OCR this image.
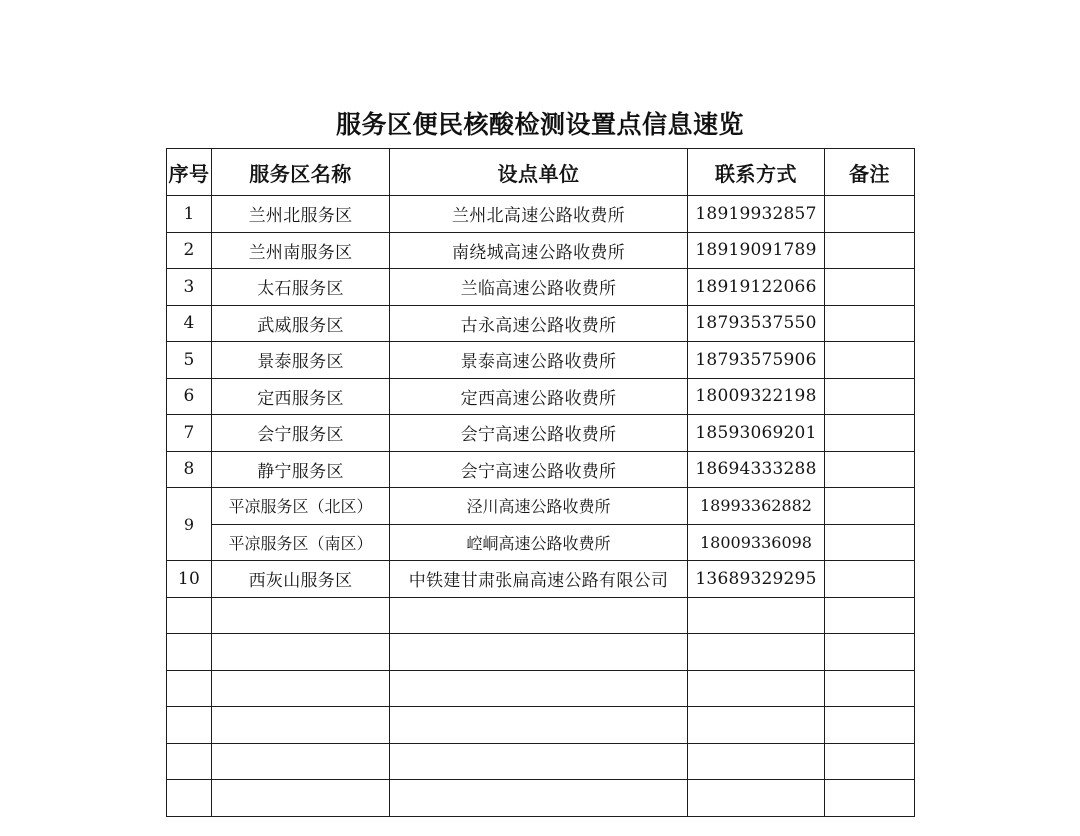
服务区便民核酸检测设置点信息速览
序号	服务区名称	设点单位	联系方式	备注
1	兰州北服务区	兰州北高速公路收费所	18919932857	
2	兰州南服务区	南绕城高速公路收费所	18919091789	
3	太石服务区	兰临高速公路收费所	18919122066	
4	武威服务区	古永高速公路收费所	18793537550	
5	景泰服务区	景泰高速公路收费所	18793575906	
6	定西服务区	定西高速公路收费所	18009322198	
7	会宁服务区	会宁高速公路收费所	18593069201	
8	静宁服务区	会宁高速公路收费所	18694333288	
9	平凉服务区（北区）	泾川高速公路收费所	18993362882	
	平凉服务区（南区）	崆峒高速公路收费所	18009336098	
10	西灰山服务区	中铁建甘肃张扁高速公路有限公司	13689329295	
